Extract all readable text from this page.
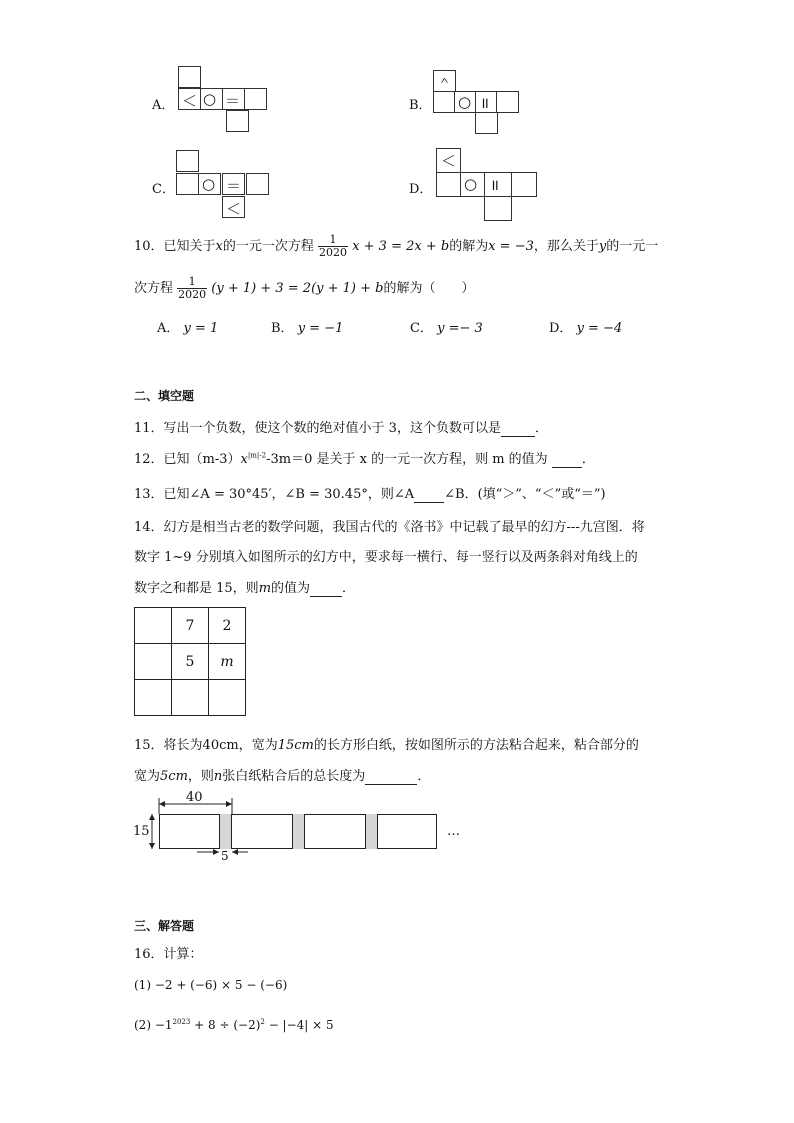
A． ＜ ○ ＝	B．
＾
○ ॥
C． ○ ＝
＜
D．
＜
○ ॥
10．已知关于x的一元一次方程 $\frac{1}{2020}$ x + 3 = 2x + b的解为x = −3，那么关于y的一元一
次方程 $\frac{1}{2020} (y + 1) + 3 = 2(y + 1) + b$的解为（　　）
A． y = 1	B． y = −1	C． y =− 3	D． y = −4
二、填空题
11．写出一个负数，使这个数的绝对值小于 3，这个负数可以是	．
12．已知$(m-3)x^{|m|-2}-3m=0$ 是关于 x 的一元一次方程，则 m 的值为	．
13．已知∠A = 30°45′，∠B = 30.45°，则∠A ∠B．(填“＞”、“＜”或“＝”)
14．幻方是相当古老的数学问题，我国古代的《洛书》中记载了最早的幻方---九宫图．将
数字 1~9 分别填入如图所示的幻方中，要求每一横行、每一竖行以及两条斜对角线上的
数字之和都是 15，则m的值为 ．
	7	2
	5	m

15．将长为40cm，宽为15cm的长方形白纸，按如图所示的方法粘合起来，粘合部分的
宽为5cm，则n张白纸粘合后的总长度为	．
40
15
5
…
三、解答题
16．计算：
(1) −2 + (−6) × 5 − (−6)
$(2) -1^{2023} + 8 \div (-2)^2 - |-4| \times 5$
